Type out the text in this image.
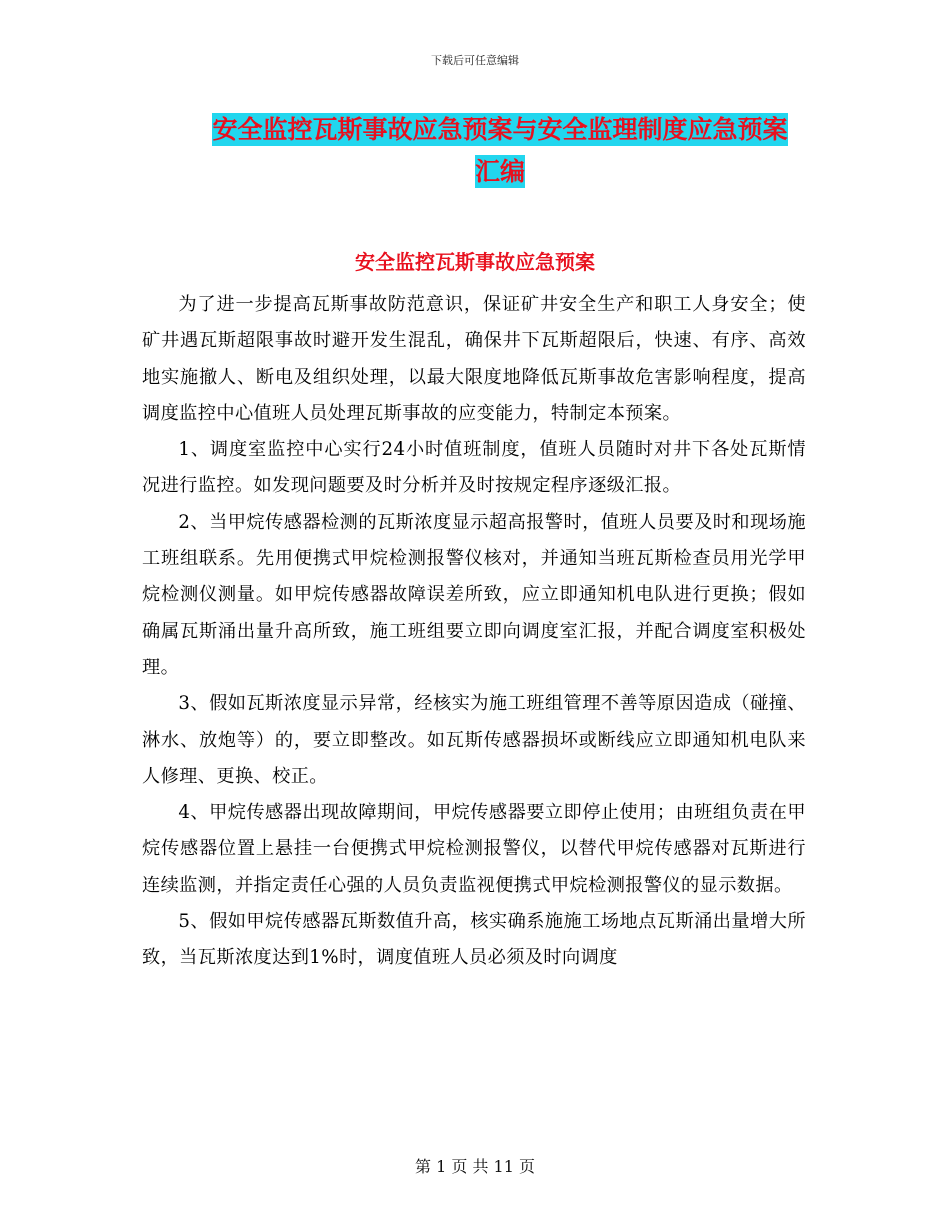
下载后可任意编辑
安全监控瓦斯事故应急预案与安全监理制度应急预案
汇编
安全监控瓦斯事故应急预案

为了进一步提高瓦斯事故防范意识，保证矿井安全生产和职工人身安全；使矿井遇瓦斯超限事故时避开发生混乱，确保井下瓦斯超限后，快速、有序、高效地实施撤人、断电及组织处理，以最大限度地降低瓦斯事故危害影响程度，提高调度监控中心值班人员处理瓦斯事故的应变能力，特制定本预案。

1、调度室监控中心实行24小时值班制度，值班人员随时对井下各处瓦斯情况进行监控。如发现问题要及时分析并及时按规定程序逐级汇报。

2、当甲烷传感器检测的瓦斯浓度显示超高报警时，值班人员要及时和现场施工班组联系。先用便携式甲烷检测报警仪核对，并通知当班瓦斯检查员用光学甲烷检测仪测量。如甲烷传感器故障误差所致，应立即通知机电队进行更换；假如确属瓦斯涌出量升高所致，施工班组要立即向调度室汇报，并配合调度室积极处理。

3、假如瓦斯浓度显示异常，经核实为施工班组管理不善等原因造成（碰撞、淋水、放炮等）的，要立即整改。如瓦斯传感器损坏或断线应立即通知机电队来人修理、更换、校正。

4、甲烷传感器出现故障期间，甲烷传感器要立即停止使用；由班组负责在甲烷传感器位置上悬挂一台便携式甲烷检测报警仪，以替代甲烷传感器对瓦斯进行连续监测，并指定责任心强的人员负责监视便携式甲烷检测报警仪的显示数据。

5、假如甲烷传感器瓦斯数值升高，核实确系施施工场地点瓦斯涌出量增大所致，当瓦斯浓度达到1%时，调度值班人员必须及时向调度

第 1 页 共 11 页
